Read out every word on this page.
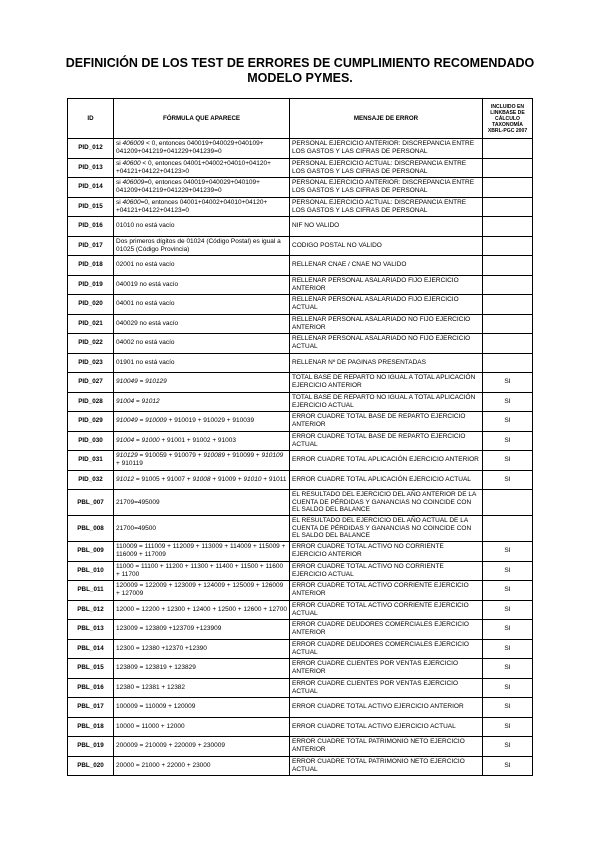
DEFINICIÓN DE LOS TEST DE ERRORES DE CUMPLIMIENTO RECOMENDADO
MODELO PYMES.
ID	FÓRMULA QUE APARECE	MENSAJE DE ERROR	INCLUIDO EN
LINKBASE DE
CÁLCULO
TAXONOMÍA
XBRL-PGC 2007

PID_012	si 406009 < 0, entonces 040019+040029+040109+ 041209+041219+041229+041239=0	PERSONAL EJERCICIO ANTERIOR: DISCREPANCIA ENTRE LOS GASTOS Y LAS CIFRAS DE PERSONAL	
PID_013	si 40600 < 0, entonces 04001+04002+04010+04120+ +04121+04122+04123>0	PERSONAL EJERCICIO ACTUAL: DISCREPANCIA ENTRE LOS GASTOS Y LAS CIFRAS DE PERSONAL	
PID_014	si 406009=0, entonces 040019+040029+040109+ 041209+041219+041229+041239=0	PERSONAL EJERCICIO ANTERIOR: DISCREPANCIA ENTRE LOS GASTOS Y LAS CIFRAS DE PERSONAL	
PID_015	si 40600=0, entonces 04001+04002+04010+04120+ +04121+04122+04123=0	PERSONAL EJERCICIO ACTUAL: DISCREPANCIA ENTRE LOS GASTOS Y LAS CIFRAS DE PERSONAL	
PID_016	01010 no está vacío	NIF NO VALIDO	
PID_017	Dos primeros dígitos de 01024 (Código Postal) es igual a 01025 (Código Provincia)	CODIGO POSTAL NO VALIDO	
PID_018	02001 no está vacío	RELLENAR CNAE / CNAE NO VALIDO	
PID_019	040019 no está vacío	RELLENAR PERSONAL ASALARIADO FIJO EJERCICIO ANTERIOR	
PID_020	04001 no está vacío	RELLENAR PERSONAL ASALARIADO FIJO EJERCICIO ACTUAL	
PID_021	040029 no está vacío	RELLENAR PERSONAL ASALARIADO NO FIJO EJERCICIO ANTERIOR	
PID_022	04002 no está vacío	RELLENAR PERSONAL ASALARIADO NO FIJO EJERCICIO ACTUAL	
PID_023	01901 no está vacío	RELLENAR Nº DE PAGINAS PRESENTADAS	
PID_027	910049 = 910129	TOTAL BASE DE REPARTO NO IGUAL A TOTAL APLICACIÓN EJERCICIO ANTERIOR	SI
PID_028	91004 = 91012	TOTAL BASE DE REPARTO NO IGUAL A TOTAL APLICACIÓN EJERCICIO ACTUAL	SI
PID_029	910049 = 910009 + 910019 + 910029 + 910039	ERROR CUADRE TOTAL BASE DE REPARTO EJERCICIO ANTERIOR	SI
PID_030	91004 = 91000 + 91001 + 91002 + 91003	ERROR CUADRE TOTAL BASE DE REPARTO EJERCICIO ACTUAL	SI
PID_031	910129 = 910059 + 910079 + 910089 + 910099 + 910109 + 910119	ERROR CUADRE TOTAL APLICACIÓN EJERCICIO ANTERIOR	SI
PID_032	91012 = 91005 + 91007 + 91008 + 91009 + 91010 + 91011	ERROR CUADRE TOTAL APLICACIÓN EJERCICIO ACTUAL	SI
PBL_007	21709=495009	EL RESULTADO DEL EJERCICIO DEL AÑO ANTERIOR DE LA CUENTA DE PÉRDIDAS Y GANANCIAS NO COINCIDE CON EL SALDO DEL BALANCE	
PBL_008	21700=49500	EL RESULTADO DEL EJERCICIO DEL AÑO ACTUAL DE LA CUENTA DE PÉRDIDAS Y GANANCIAS NO COINCIDE CON EL SALDO DEL BALANCE	
PBL_009	110009 = 111009 + 112009 + 113009 + 114009 + 115009 + 116009 + 117009	ERROR CUADRE TOTAL ACTIVO NO CORRIENTE EJERCICIO ANTERIOR	SI
PBL_010	11000 = 11100 + 11200 + 11300 + 11400 + 11500 + 11600 + 11700	ERROR CUADRE TOTAL ACTIVO NO CORRIENTE EJERCICIO ACTUAL	SI
PBL_011	120009 = 122009 + 123009 + 124009 + 125009 + 126009 + 127009	ERROR CUADRE TOTAL ACTIVO CORRIENTE EJERCICIO ANTERIOR	SI
PBL_012	12000 = 12200 + 12300 + 12400 + 12500 + 12600 + 12700	ERROR CUADRE TOTAL ACTIVO CORRIENTE EJERCICIO ACTUAL	SI
PBL_013	123009 = 123809 +123709 +123909	ERROR CUADRE DEUDORES COMERCIALES EJERCICIO ANTERIOR	SI
PBL_014	12300 = 12380 +12370 +12390	ERROR CUADRE DEUDORES COMERCIALES EJERCICIO ACTUAL	SI
PBL_015	123809 = 123819 + 123829	ERROR CUADRE CLIENTES POR VENTAS EJERCICIO ANTERIOR	SI
PBL_016	12380 = 12381 + 12382	ERROR CUADRE CLIENTES POR VENTAS EJERCICIO ACTUAL	SI
PBL_017	100009 = 110009 + 120009	ERROR CUADRE TOTAL ACTIVO EJERCICIO ANTERIOR	SI
PBL_018	10000 = 11000 + 12000	ERROR CUADRE TOTAL ACTIVO EJERCICIO ACTUAL	SI
PBL_019	200009 = 210009 + 220009 + 230009	ERROR CUADRE TOTAL PATRIMONIO NETO EJERCICIO ANTERIOR	SI
PBL_020	20000 = 21000 + 22000 + 23000	ERROR CUADRE TOTAL PATRIMONIO NETO EJERCICIO ACTUAL	SI
